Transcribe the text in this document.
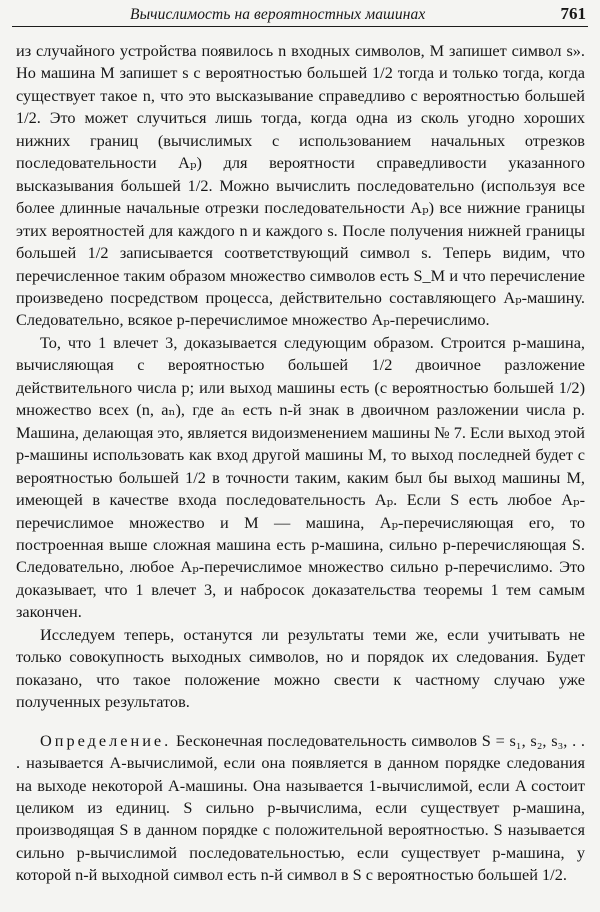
Вычислимость на вероятностных машинах	761

из случайного устройства появилось n входных символов, M запишет символ s». Но машина M запишет s с вероятностью большей 1/2 тогда и только тогда, когда существует такое n, что это высказывание справедливо с вероятностью большей 1/2. Это может случиться лишь тогда, когда одна из сколь угодно хороших нижних границ (вычислимых с использованием начальных отрезков последовательности Aₚ) для вероятности справедливости указанного высказывания большей 1/2. Можно вычислить последовательно (используя все более длинные начальные отрезки последовательности Aₚ) все нижние границы этих вероятностей для каждого n и каждого s. После получения нижней границы большей 1/2 записывается соответствующий символ s. Теперь видим, что перечисленное таким образом множество символов есть S_M и что перечисление произведено посредством процесса, действительно составляющего Aₚ-машину. Следовательно, всякое p-перечислимое множество Aₚ-перечислимо.

То, что 1 влечет 3, доказывается следующим образом. Строится p-машина, вычисляющая с вероятностью большей 1/2 двоичное разложение действительного числа p; или выход машины есть (с вероятностью большей 1/2) множество всех (n, aₙ), где aₙ есть n-й знак в двоичном разложении числа p. Машина, делающая это, является видоизменением машины № 7. Если выход этой p-машины использовать как вход другой машины M, то выход последней будет с вероятностью большей 1/2 в точности таким, каким был бы выход машины M, имеющей в качестве входа последовательность Aₚ. Если S есть любое Aₚ-перечислимое множество и M — машина, Aₚ-перечисляющая его, то построенная выше сложная машина есть p-машина, сильно p-перечисляющая S. Следовательно, любое Aₚ-перечислимое множество сильно p-перечислимо. Это доказывает, что 1 влечет 3, и набросок доказательства теоремы 1 тем самым закончен.

Исследуем теперь, останутся ли результаты теми же, если учитывать не только совокупность выходных символов, но и порядок их следования. Будет показано, что такое положение можно свести к частному случаю уже полученных результатов.

Определение. Бесконечная последовательность символов S = s₁, s₂, s₃, . . . называется A-вычислимой, если она появляется в данном порядке следования на выходе некоторой A-машины. Она называется 1-вычислимой, если A состоит целиком из единиц. S сильно p-вычислима, если существует p-машина, производящая S в данном порядке с положительной вероятностью. S называется сильно p-вычислимой последовательностью, если существует p-машина, у которой n-й выходной символ есть n-й символ в S с вероятностью большей 1/2.
